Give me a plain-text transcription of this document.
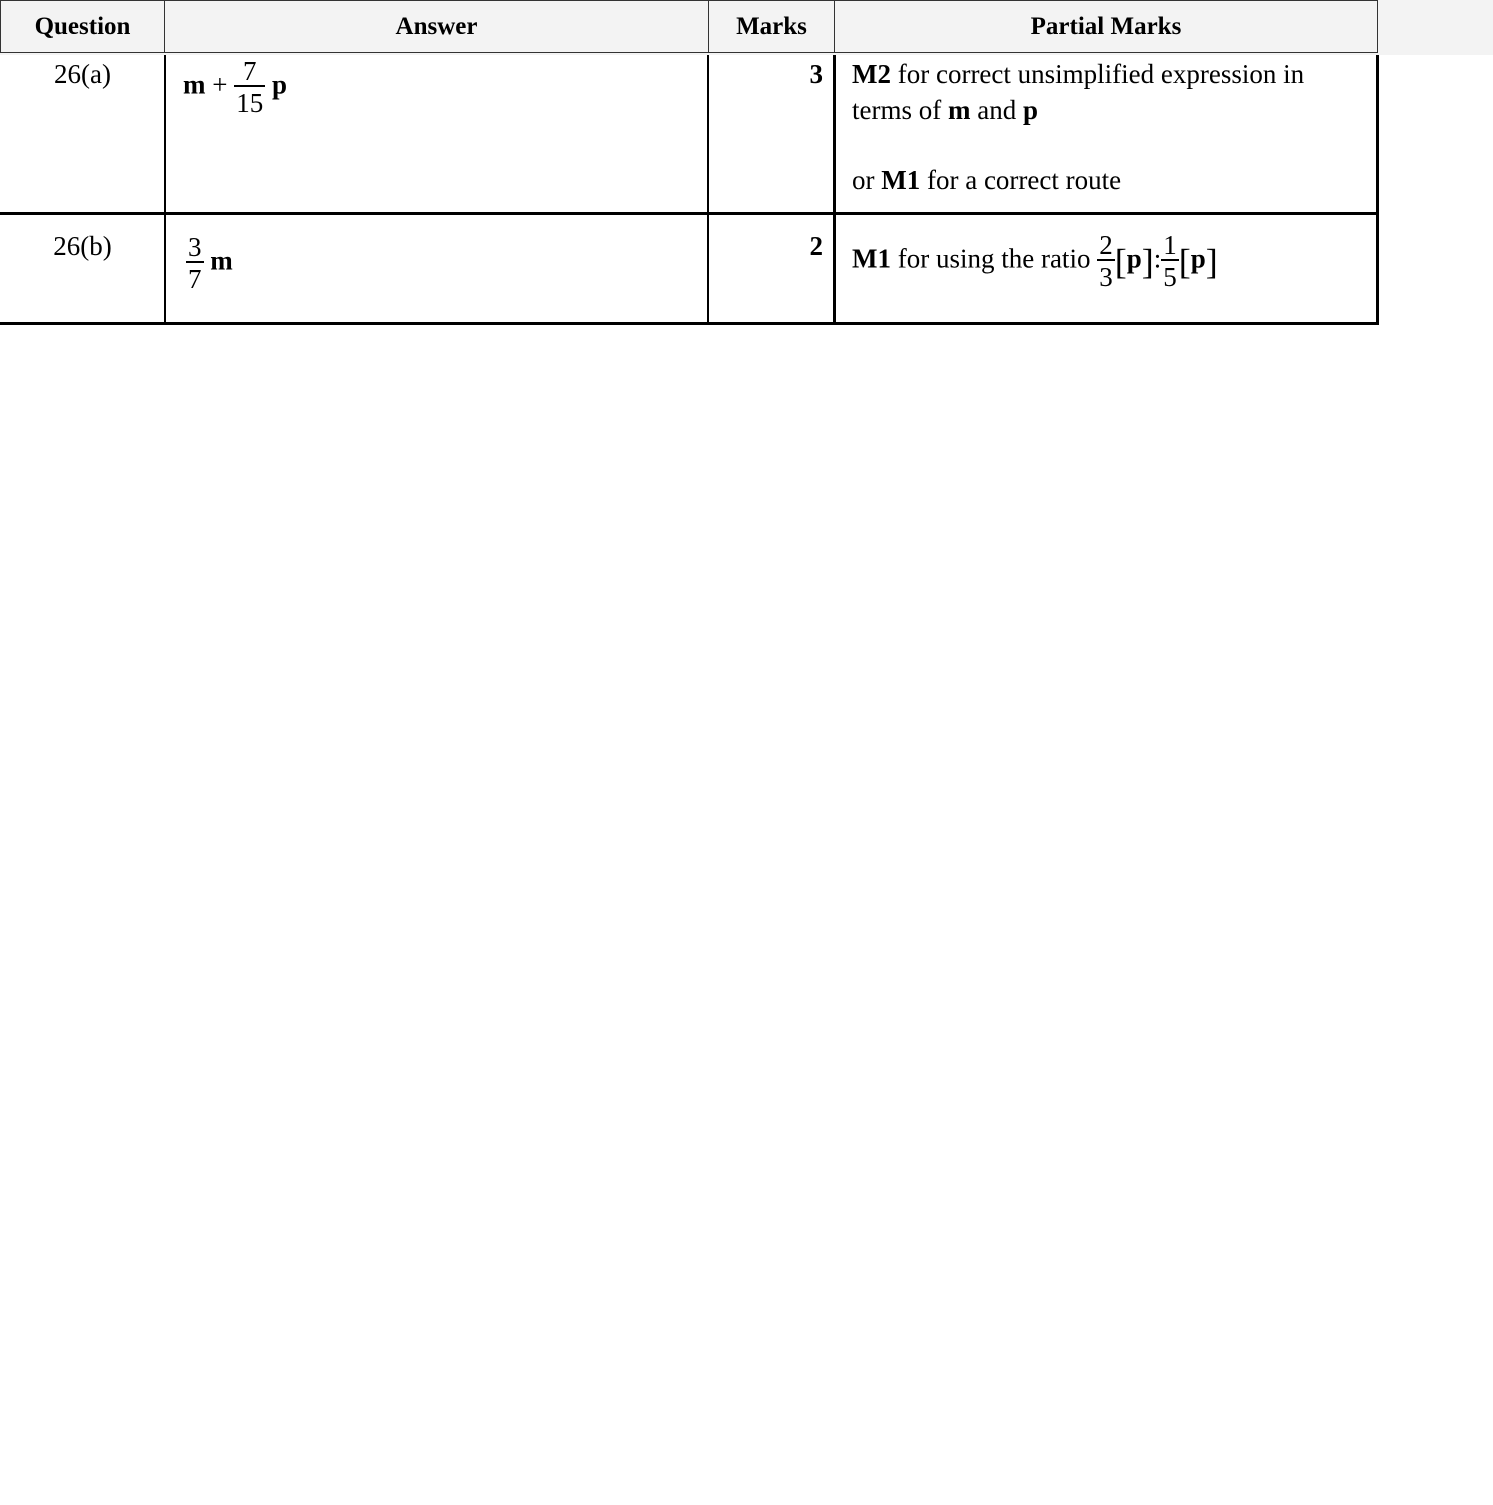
Question	Answer	Marks	Partial Marks
26(a)	$m + \frac{7}{15}$ p	3 M2 for correct unsimplified expression in
terms of m and p
or M1 for a correct route
26(b)	$\frac{3}{7}$ m	2 M1 for using the ratio $\frac{2}{3} [p]$: $\frac{1}{5} [p]$
